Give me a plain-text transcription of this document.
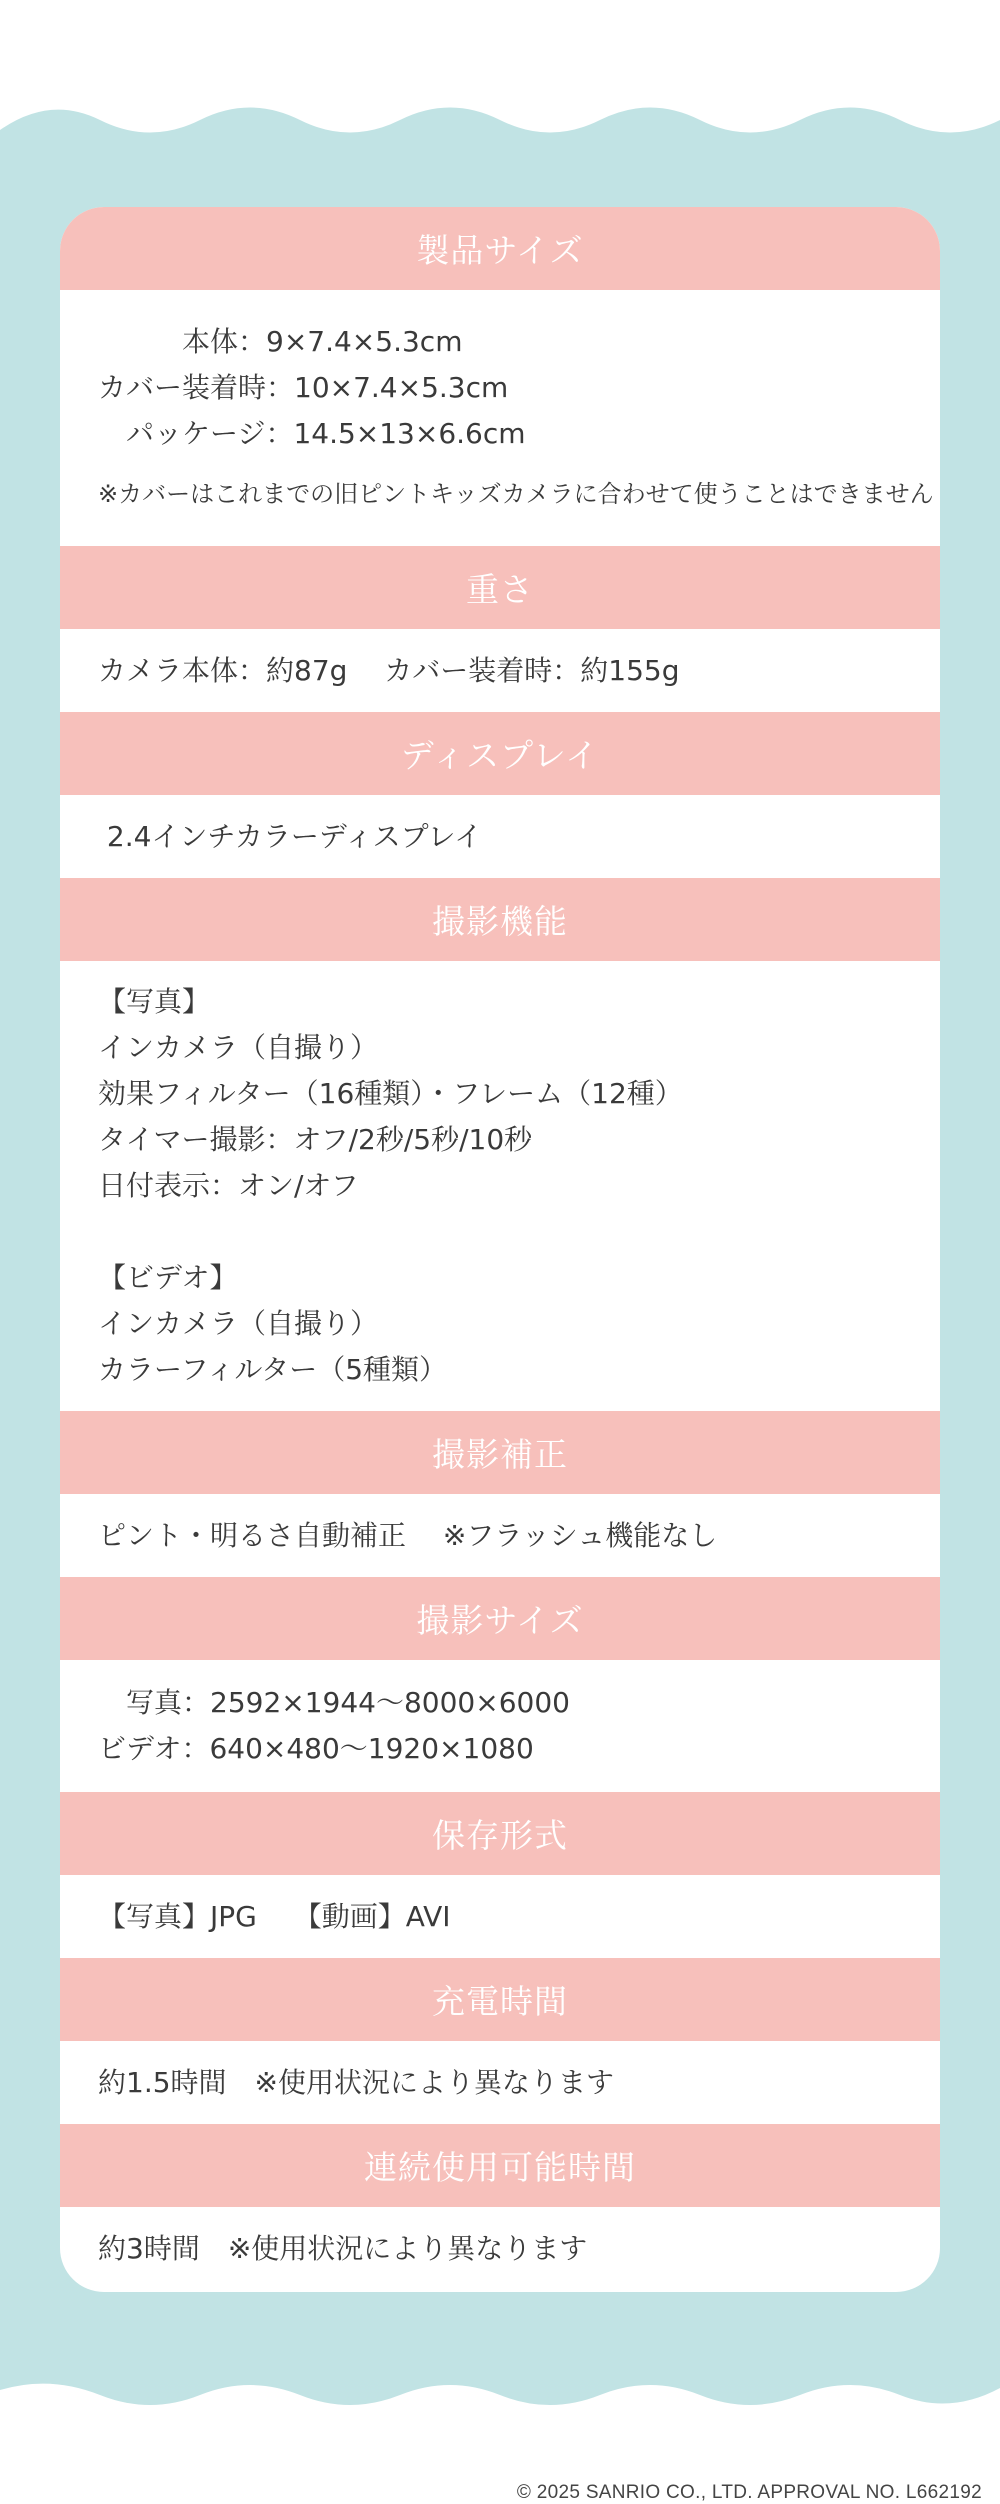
製品サイズ
　　　本体：9×7.4×5.3cm
カバー装着時：10×7.4×5.3cm
　パッケージ：14.5×13×6.6cm
※カバーはこれまでの旧ピントキッズカメラに合わせて使うことはできません
重さ
カメラ本体：約87g　 カバー装着時：約155g
ディスプレイ
2.4インチカラーディスプレイ
撮影機能
【写真】
インカメラ（自撮り）
効果フィルター（16種類）・フレーム（12種）
タイマー撮影：オフ/2秒/5秒/10秒
日付表示：オン/オフ
【ビデオ】
インカメラ（自撮り）
カラーフィルター（5種類）
撮影補正
ピント・明るさ自動補正　 ※フラッシュ機能なし
撮影サイズ
　写真：2592×1944〜8000×6000
ビデオ：640×480〜1920×1080
保存形式
【写真】JPG　 【動画】AVI
充電時間
約1.5時間　※使用状況により異なります
連続使用可能時間
約3時間　※使用状況により異なります
© 2025 SANRIO CO., LTD. APPROVAL NO. L662192
